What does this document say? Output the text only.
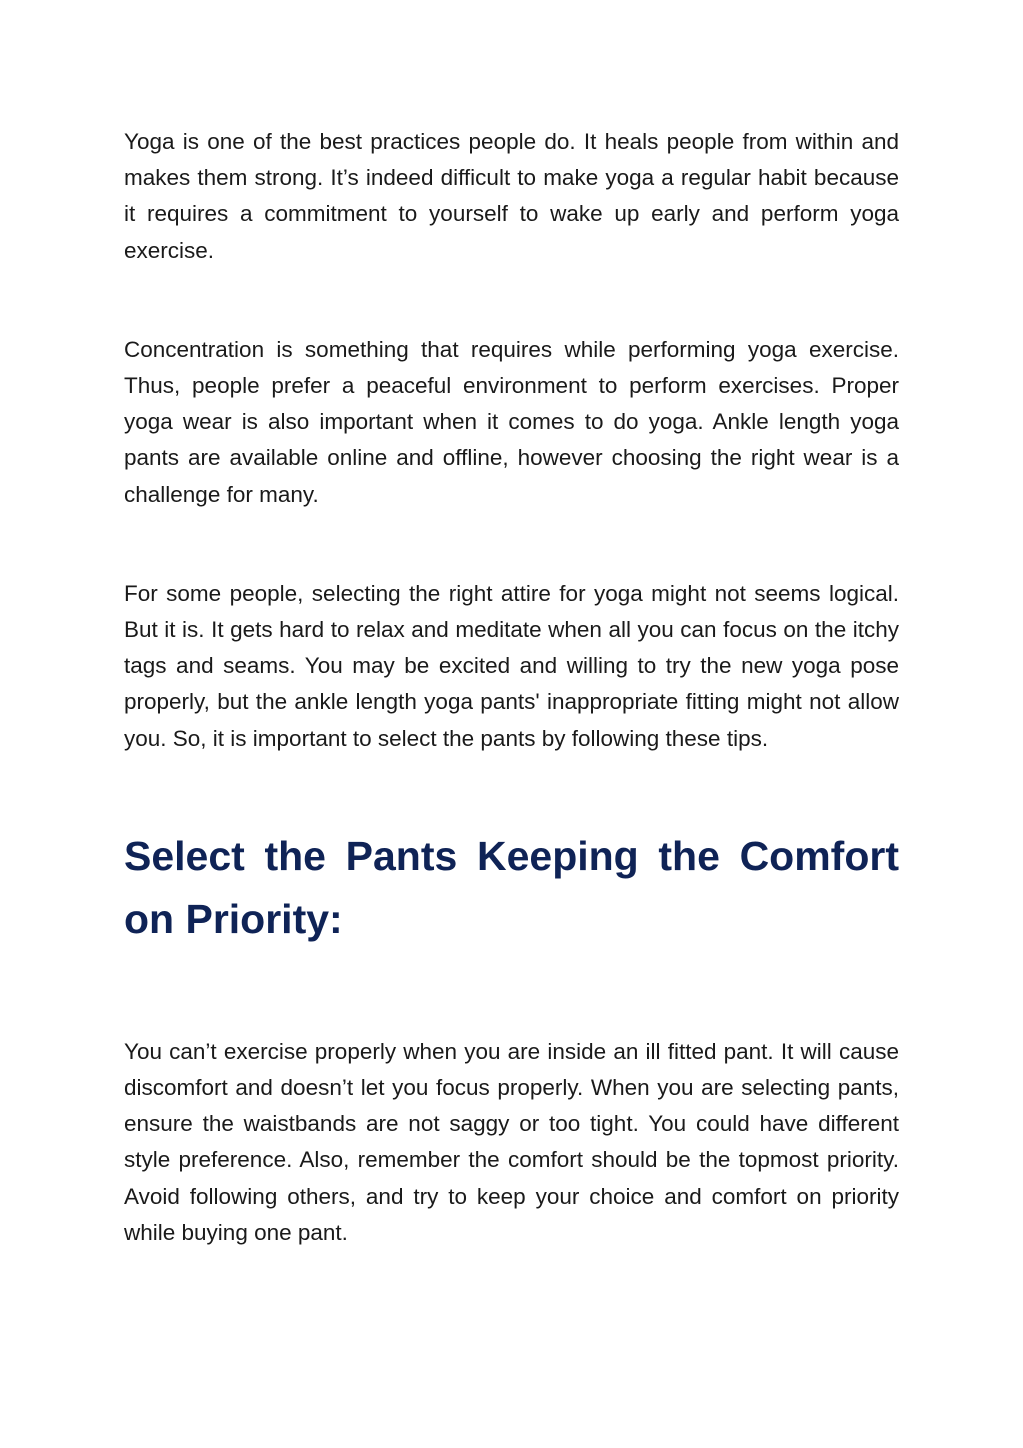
Yoga is one of the best practices people do. It heals people from within and makes them strong. It’s indeed difficult to make yoga a regular habit because it requires a commitment to yourself to wake up early and perform yoga exercise.

Concentration is something that requires while performing yoga exercise. Thus, people prefer a peaceful environment to perform exercises. Proper yoga wear is also important when it comes to do yoga. Ankle length yoga pants are available online and offline, however choosing the right wear is a challenge for many.

For some people, selecting the right attire for yoga might not seems logical. But it is. It gets hard to relax and meditate when all you can focus on the itchy tags and seams. You may be excited and willing to try the new yoga pose properly, but the ankle length yoga pants' inappropriate fitting might not allow you. So, it is important to select the pants by following these tips.

Select the Pants Keeping the Comfort on Priority:

You can’t exercise properly when you are inside an ill fitted pant. It will cause discomfort and doesn’t let you focus properly. When you are selecting pants, ensure the waistbands are not saggy or too tight. You could have different style preference. Also, remember the comfort should be the topmost priority. Avoid following others, and try to keep your choice and comfort on priority while buying one pant.
